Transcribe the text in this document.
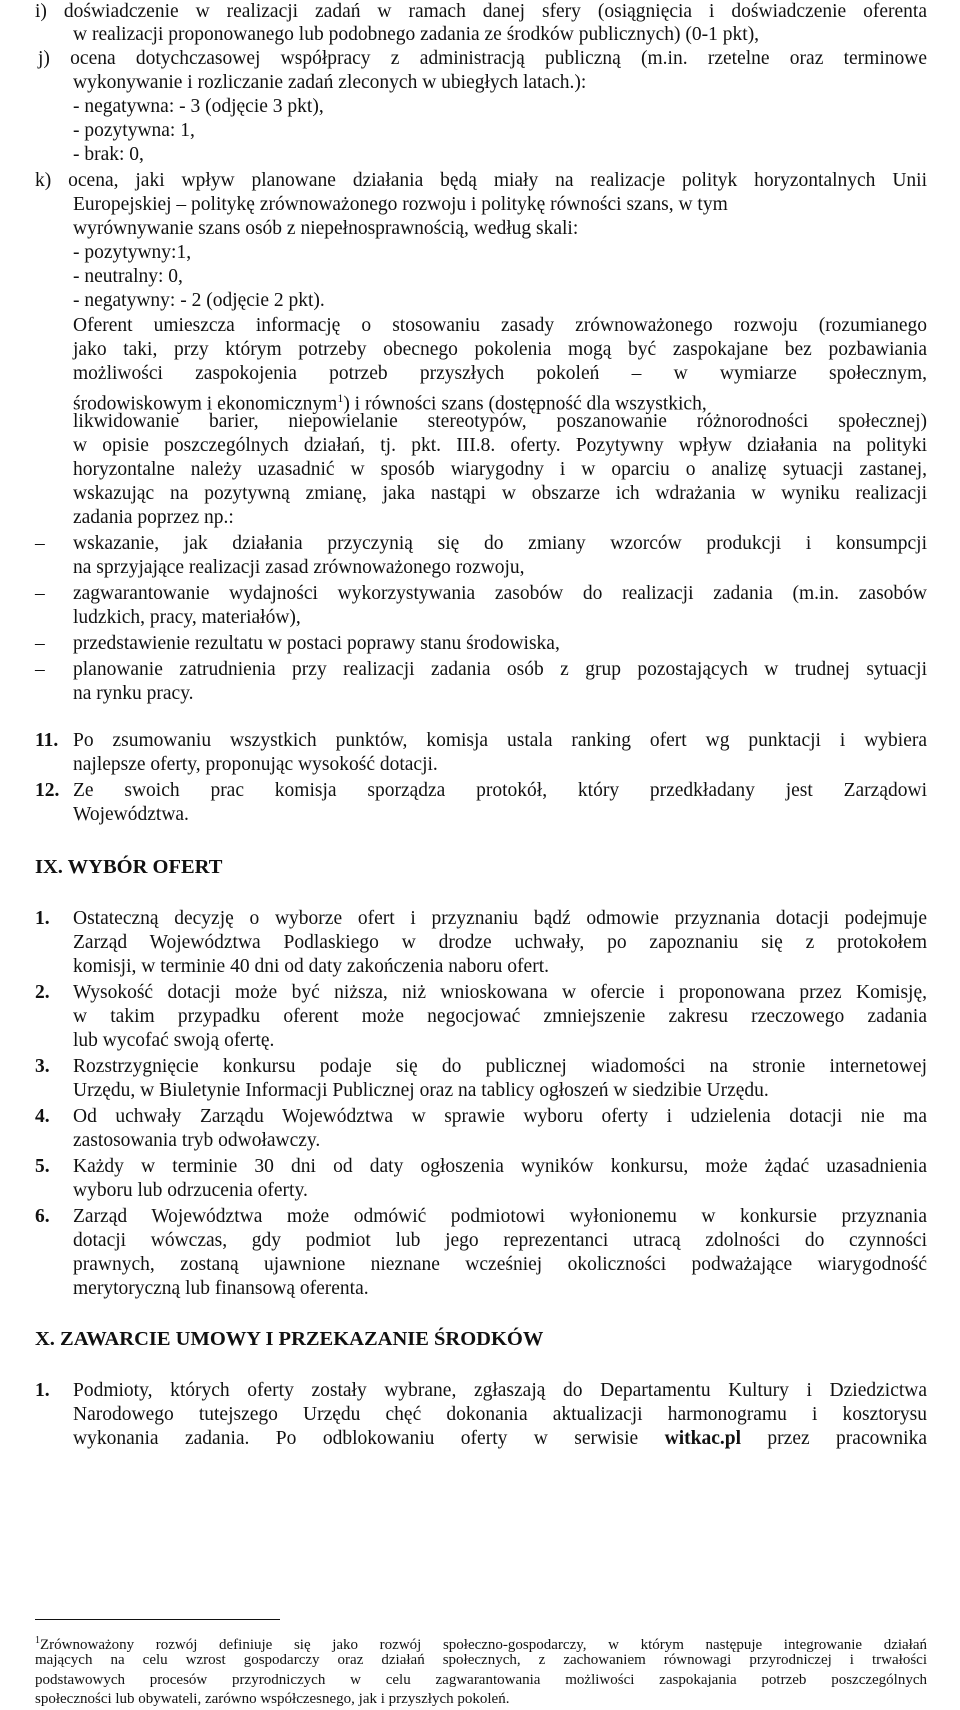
i) doświadczenie w realizacji zadań w ramach danej sfery (osiągnięcia i doświadczenie oferenta
w realizacji proponowanego lub podobnego zadania ze środków publicznych) (0-1 pkt),
j) ocena dotychczasowej współpracy z administracją publiczną (m.in. rzetelne oraz terminowe
wykonywanie i rozliczanie zadań zleconych w ubiegłych latach.):
- negatywna: - 3 (odjęcie 3 pkt),
- pozytywna: 1,
- brak: 0,
k) ocena, jaki wpływ planowane działania będą miały na realizacje polityk horyzontalnych Unii
Europejskiej – politykę zrównoważonego rozwoju i politykę równości szans, w tym
wyrównywanie szans osób z niepełnosprawnością, według skali:
- pozytywny:1,
- neutralny: 0,
- negatywny: - 2 (odjęcie 2 pkt).
Oferent umieszcza informację o stosowaniu zasady zrównoważonego rozwoju (rozumianego
jako taki, przy którym potrzeby obecnego pokolenia mogą być zaspokajane bez pozbawiania
możliwości zaspokojenia potrzeb przyszłych pokoleń – w wymiarze społecznym,
środowiskowym i ekonomicznym$^1$) i równości szans (dostępność dla wszystkich,
likwidowanie barier, niepowielanie stereotypów, poszanowanie różnorodności społecznej)
w opisie poszczególnych działań, tj. pkt. III.8. oferty. Pozytywny wpływ działania na polityki
horyzontalne należy uzasadnić w sposób wiarygodny i w oparciu o analizę sytuacji zastanej,
wskazując na pozytywną zmianę, jaka nastąpi w obszarze ich wdrażania w wyniku realizacji
zadania poprzez np.:
– wskazanie, jak działania przyczynią się do zmiany wzorców produkcji i konsumpcji
na sprzyjające realizacji zasad zrównoważonego rozwoju,
– zagwarantowanie wydajności wykorzystywania zasobów do realizacji zadania (m.in. zasobów
ludzkich, pracy, materiałów),
– przedstawienie rezultatu w postaci poprawy stanu środowiska,
– planowanie zatrudnienia przy realizacji zadania osób z grup pozostających w trudnej sytuacji
na rynku pracy.
11. Po zsumowaniu wszystkich punktów, komisja ustala ranking ofert wg punktacji i wybiera
najlepsze oferty, proponując wysokość dotacji.
12. Ze swoich prac komisja sporządza protokół, który przedkładany jest Zarządowi
Województwa.
IX. WYBÓR OFERT
1. Ostateczną decyzję o wyborze ofert i przyznaniu bądź odmowie przyznania dotacji podejmuje
Zarząd Województwa Podlaskiego w drodze uchwały, po zapoznaniu się z protokołem
komisji, w terminie 40 dni od daty zakończenia naboru ofert.
2. Wysokość dotacji może być niższa, niż wnioskowana w ofercie i proponowana przez Komisję,
w takim przypadku oferent może negocjować zmniejszenie zakresu rzeczowego zadania
lub wycofać swoją ofertę.
3. Rozstrzygnięcie konkursu podaje się do publicznej wiadomości na stronie internetowej
Urzędu, w Biuletynie Informacji Publicznej oraz na tablicy ogłoszeń w siedzibie Urzędu.
4. Od uchwały Zarządu Województwa w sprawie wyboru oferty i udzielenia dotacji nie ma
zastosowania tryb odwoławczy.
5. Każdy w terminie 30 dni od daty ogłoszenia wyników konkursu, może żądać uzasadnienia
wyboru lub odrzucenia oferty.
6. Zarząd Województwa może odmówić podmiotowi wyłonionemu w konkursie przyznania
dotacji wówczas, gdy podmiot lub jego reprezentanci utracą zdolności do czynności
prawnych, zostaną ujawnione nieznane wcześniej okoliczności podważające wiarygodność
merytoryczną lub finansową oferenta.
X. ZAWARCIE UMOWY I PRZEKAZANIE ŚRODKÓW
1. Podmioty, których oferty zostały wybrane, zgłaszają do Departamentu Kultury i Dziedzictwa
Narodowego tutejszego Urzędu chęć dokonania aktualizacji harmonogramu i kosztorysu
wykonania zadania. Po odblokowaniu oferty w serwisie witkac.pl przez pracownika
$^1$Zrównoważony rozwój definiuje się jako rozwój społeczno-gospodarczy, w którym następuje integrowanie działań
mających na celu wzrost gospodarczy oraz działań społecznych, z zachowaniem równowagi przyrodniczej i trwałości
podstawowych procesów przyrodniczych w celu zagwarantowania możliwości zaspokajania potrzeb poszczególnych
społeczności lub obywateli, zarówno współczesnego, jak i przyszłych pokoleń.
